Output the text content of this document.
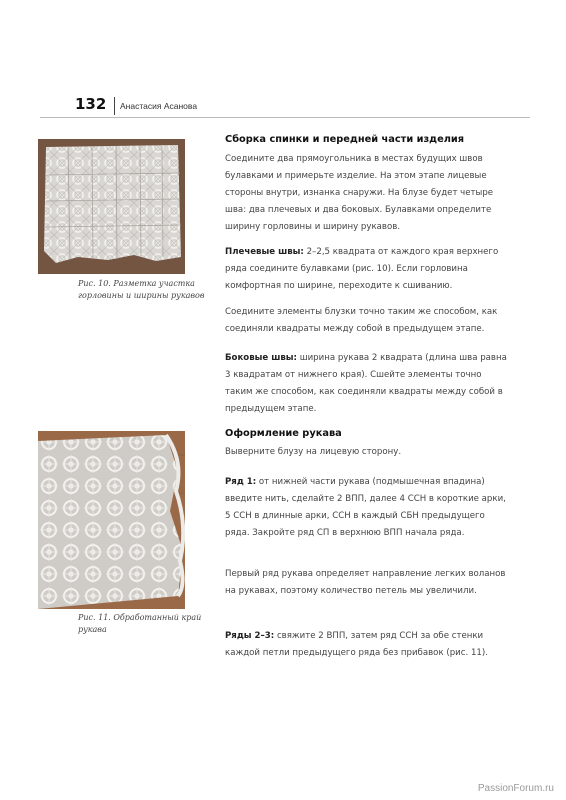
132 Анастасия Асанова
Рис. 10. Разметка участка горловины и ширины рукавов
Рис. 11. Обработанный край рукава
Сборка спинки и передней части изделия

Соедините два прямоугольника в местах будущих швов булавками и примерьте изделие. На этом этапе лицевые стороны внутри, изнанка снаружи. На блузе будет четыре шва: два плечевых и два боковых. Булавками определите ширину горловины и ширину рукавов.

Плечевые швы: 2–2,5 квадрата от каждого края верхнего ряда соедините булавками (рис. 10). Если горловина комфортная по ширине, переходите к сшиванию.

Соедините элементы блузки точно таким же способом, как соединяли квадраты между собой в предыдущем этапе.

Боковые швы: ширина рукава 2 квадрата (длина шва равна 3 квадратам от нижнего края). Сшейте элементы точно таким же способом, как соединяли квадраты между собой в предыдущем этапе.

Оформление рукава

Выверните блузу на лицевую сторону.

Ряд 1: от нижней части рукава (подмышечная впадина) введите нить, сделайте 2 ВПП, далее 4 ССН в короткие арки, 5 ССН в длинные арки, ССН в каждый СБН предыдущего ряда. Закройте ряд СП в верхнюю ВПП начала ряда.

Первый ряд рукава определяет направление легких воланов на рукавах, поэтому количество петель мы увеличили.

Ряды 2–3: свяжите 2 ВПП, затем ряд ССН за обе стенки каждой петли предыдущего ряда без прибавок (рис. 11).

PassionForum.ru
